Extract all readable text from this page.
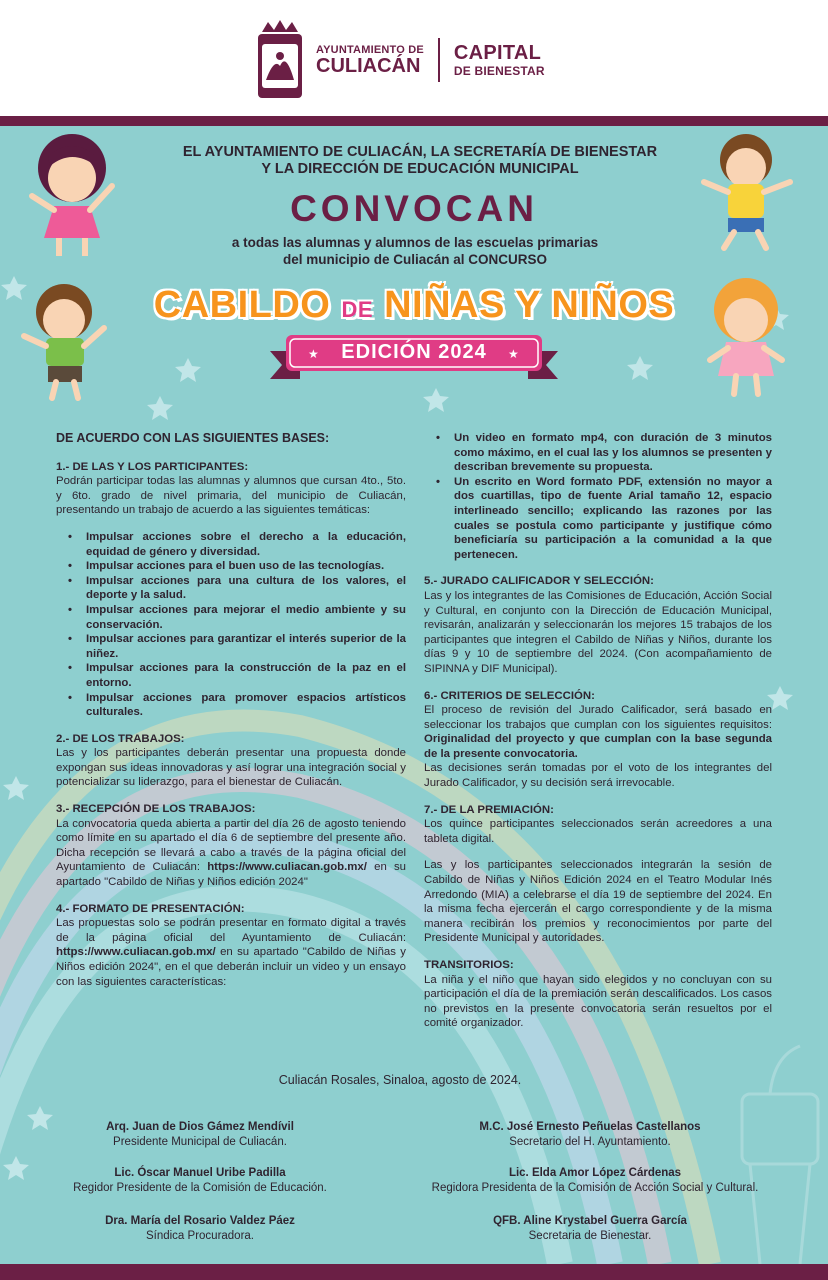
AYUNTAMIENTO DE
CULIACÁN
CAPITAL
DE BIENESTAR
EL AYUNTAMIENTO DE CULIACÁN, LA SECRETARÍA DE BIENESTAR
Y LA DIRECCIÓN DE EDUCACIÓN MUNICIPAL
CONVOCAN
a todas las alumnas y alumnos de las escuelas primarias
del municipio de Culiacán al CONCURSO
CABILDO DE NIÑAS Y NIÑOS
★	★
EDICIÓN 2024
DE ACUERDO CON LAS SIGUIENTES BASES:
1.- DE LAS Y LOS PARTICIPANTES:

Podrán participar todas las alumnas y alumnos que cursan 4to., 5to. y 6to. grado de nivel primaria, del municipio de Culiacán, presentando un trabajo de acuerdo a las siguientes temáticas:

• Impulsar acciones sobre el derecho a la educación, equidad de género y diversidad.
• Impulsar acciones para el buen uso de las tecnologías.
• Impulsar acciones para una cultura de los valores, el deporte y la salud.
• Impulsar acciones para mejorar el medio ambiente y su conservación.
• Impulsar acciones para garantizar el interés superior de la niñez.
• Impulsar acciones para la construcción de la paz en el entorno.
• Impulsar acciones para promover espacios artísticos culturales.
2.- DE LOS TRABAJOS:

Las y los participantes deberán presentar una propuesta donde expongan sus ideas innovadoras y así lograr una integración social y potencializar su liderazgo, para el bienestar de Culiacán.

3.- RECEPCIÓN DE LOS TRABAJOS:

La convocatoria queda abierta a partir del día 26 de agosto teniendo como límite en su apartado el día 6 de septiembre del presente año. Dicha recepción se llevará a cabo a través de la página oficial del Ayuntamiento de Culiacán: https://www.culiacan.gob.mx/ en su apartado "Cabildo de Niñas y Niños edición 2024"

4.- FORMATO DE PRESENTACIÓN:

Las propuestas solo se podrán presentar en formato digital a través de la página oficial del Ayuntamiento de Culiacán: https://www.culiacan.gob.mx/ en su apartado "Cabildo de Niñas y Niños edición 2024", en el que deberán incluir un video y un ensayo con las siguientes características:

• Un video en formato mp4, con duración de 3 minutos como máximo, en el cual las y los alumnos se presenten y describan brevemente su propuesta.
• Un escrito en Word formato PDF, extensión no mayor a dos cuartillas, tipo de fuente Arial tamaño 12, espacio interlineado sencillo; explicando las razones por las cuales se postula como participante y justifique cómo beneficiaría su participación a la comunidad a la que pertenecen.
5.- JURADO CALIFICADOR Y SELECCIÓN:

Las y los integrantes de las Comisiones de Educación, Acción Social y Cultural, en conjunto con la Dirección de Educación Municipal, revisarán, analizarán y seleccionarán los mejores 15 trabajos de los participantes que integren el Cabildo de Niñas y Niños, durante los días 9 y 10 de septiembre del 2024. (Con acompañamiento de SIPINNA y DIF Municipal).

6.- CRITERIOS DE SELECCIÓN:

El proceso de revisión del Jurado Calificador, será basado en seleccionar los trabajos que cumplan con los siguientes requisitos: Originalidad del proyecto y que cumplan con la base segunda de la presente convocatoria.

Las decisiones serán tomadas por el voto de los integrantes del Jurado Calificador, y su decisión será irrevocable.

7.- DE LA PREMIACIÓN:

Los quince participantes seleccionados serán acreedores a una tableta digital.

Las y los participantes seleccionados integrarán la sesión de Cabildo de Niñas y Niños Edición 2024 en el Teatro Modular Inés Arredondo (MIA) a celebrarse el día 19 de septiembre del 2024. En la misma fecha ejercerán el cargo correspondiente y de la misma manera recibirán los premios y reconocimientos por parte del Presidente Municipal y autoridades.

TRANSITORIOS:

La niña y el niño que hayan sido elegidos y no concluyan con su participación el día de la premiación serán descalificados. Los casos no previstos en la presente convocatoria serán resueltos por el comité organizador.

Culiacán Rosales, Sinaloa, agosto de 2024.
Arq. Juan de Dios Gámez Mendívil
Presidente Municipal de Culiacán.
M.C. José Ernesto Peñuelas Castellanos
Secretario del H. Ayuntamiento.
Lic. Óscar Manuel Uribe Padilla
Regidor Presidente de la Comisión de Educación.
Lic. Elda Amor López Cárdenas
Regidora Presidenta de la Comisión de Acción Social y Cultural.
Dra. María del Rosario Valdez Páez
Síndica Procuradora.
QFB. Aline Krystabel Guerra García
Secretaria de Bienestar.
